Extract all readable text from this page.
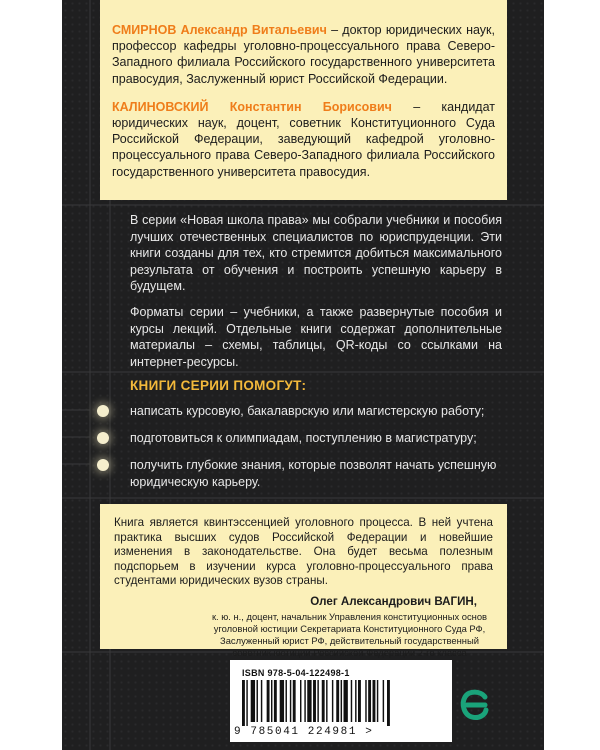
СМИРНОВ Александр Витальевич – доктор юридических наук, профессор кафедры уголовно-процессуального права Северо-Западного филиала Российского государственного университета правосудия, Заслуженный юрист Российской Федерации.

КАЛИНОВСКИЙ Константин Борисович – кандидат юридических наук, доцент, советник Конституционного Суда Российской Федерации, заведующий кафедрой уголовно-процессуального права Северо-Западного филиала Российского государственного университета правосудия.

В серии «Новая школа права» мы собрали учебники и пособия лучших отечественных специалистов по юриспруденции. Эти книги созданы для тех, кто стремится добиться максимального результата от обучения и построить успешную карьеру в будущем.

Форматы серии – учебники, а также развернутые пособия и курсы лекций. Отдельные книги содержат дополнительные материалы – схемы, таблицы, QR-коды со ссылками на интернет-ресурсы.

КНИГИ СЕРИИ ПОМОГУТ:
написать курсовую, бакалаврскую или магистерскую работу;
подготовиться к олимпиадам, поступлению в магистратуру;
получить глубокие знания, которые позволят начать успешную юридическую карьеру.

Книга является квинтэссенцией уголовного процесса. В ней учтена практика высших судов Российской Федерации и новейшие изменения в законодательстве. Она будет весьма полезным подспорьем в изучении курса уголовно-процессуального права студентами юридических вузов страны.

Олег Александрович ВАГИН,
к. ю. н., доцент, начальник Управления конституционных основ уголовной юстиции Секретариата Конституционного Суда РФ, Заслуженный юрист РФ, действительный государственный советник юстиции Российской Федерации 2-го класса
ISBN 978-5-04-122498-1
9 785041 224981 >
